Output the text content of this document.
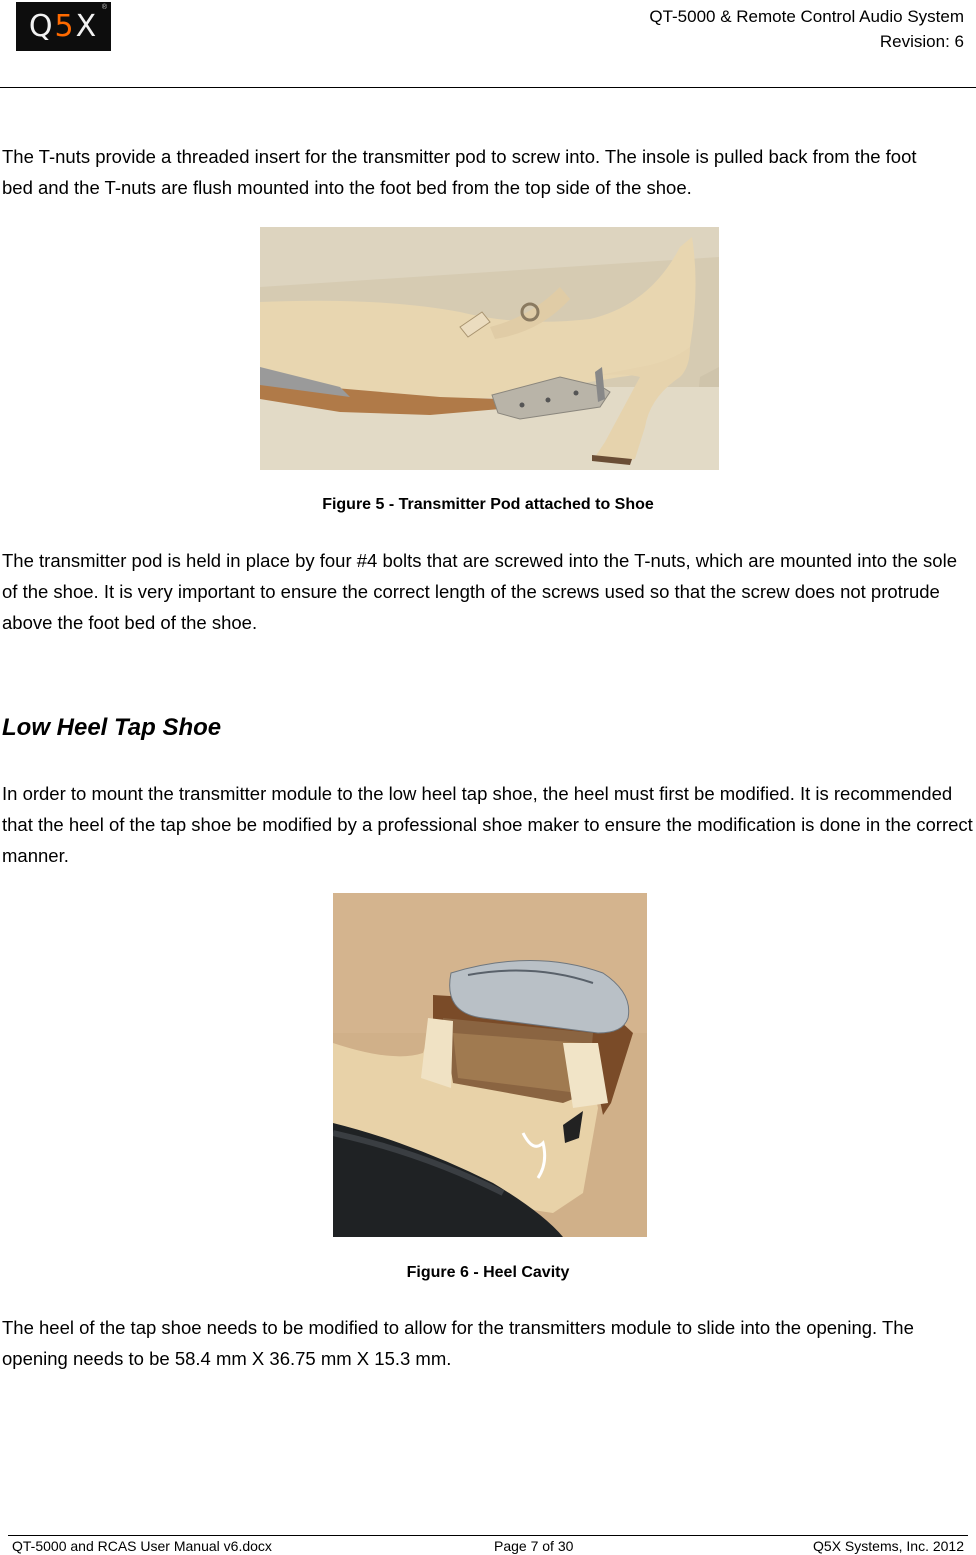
Q5X
®	QT-5000 & Remote Control Audio System
Revision: 6
The T-nuts provide a threaded insert for the transmitter pod to screw into. The insole is pulled back from the foot bed and the T-nuts are flush mounted into the foot bed from the top side of the shoe.
Figure 5 - Transmitter Pod attached to Shoe
The transmitter pod is held in place by four #4 bolts that are screwed into the T-nuts, which are mounted into the sole of the shoe. It is very important to ensure the correct length of the screws used so that the screw does not protrude above the foot bed of the shoe.
Low Heel Tap Shoe
In order to mount the transmitter module to the low heel tap shoe, the heel must first be modified. It is recommended that the heel of the tap shoe be modified by a professional shoe maker to ensure the modification is done in the correct manner.
Figure 6 - Heel Cavity
The heel of the tap shoe needs to be modified to allow for the transmitters module to slide into the opening. The opening needs to be 58.4 mm X 36.75 mm X 15.3 mm.
QT-5000 and RCAS User Manual v6.docx	Page 7 of 30	Q5X Systems, Inc. 2012
